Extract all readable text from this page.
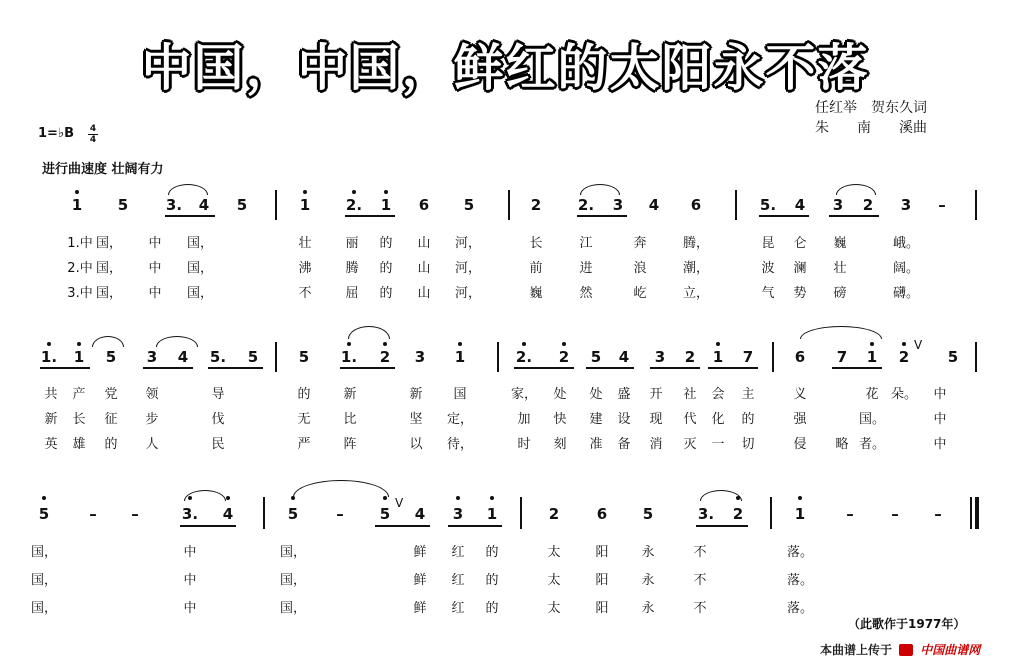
中国，中国，鲜红的太阳永不落
任红举　贺东久词
朱　　南　　溪曲
1=♭B 4
4
进行曲速度 壮阔有力
1	5	3.	4	5	1	2.	1	6	5	2	2.	3	4	6	5.	4	3	2	3	–
1.	1	5	3	4	5.	5	5	1.	2	3	1	2.	2	5	4	3	2	1	7	6	7	1	2	5
V
5	–	–	3.	4	5	–	5	4	3	1	2	6	5	3.	2	1	–	–	–
V
1.中 国，	中	国，	壮	丽	的	山	河，	长	江	奔	腾，	昆	仑	巍	峨。
2.中 国，	中	国，	沸	腾	的	山	河，	前	进	浪	潮，	波	澜	壮	阔。
3.中 国，	中	国，	不	屈	的	山	河，	巍	然	屹	立，	气	势	磅	礴。
共	产	党	领	导	的	新	新	国	家，	处	处	盛	开	社	会	主	义	花 朵。	中
新	长	征	步	伐	无	比	坚	定，	加	快	建	设	现	代	化	的	强	国。	中
英	雄	的	人	民	严	阵	以	待，	时	刻	准	备	消	灭	一	切	侵	略 者。	中
国，	中	国，	鲜	红	的	太	阳	永	不	落。
国，	中	国，	鲜	红	的	太	阳	永	不	落。
国，	中	国，	鲜	红	的	太	阳	永	不	落。
（此歌作于1977年）
本曲谱上传于 中国曲谱网
